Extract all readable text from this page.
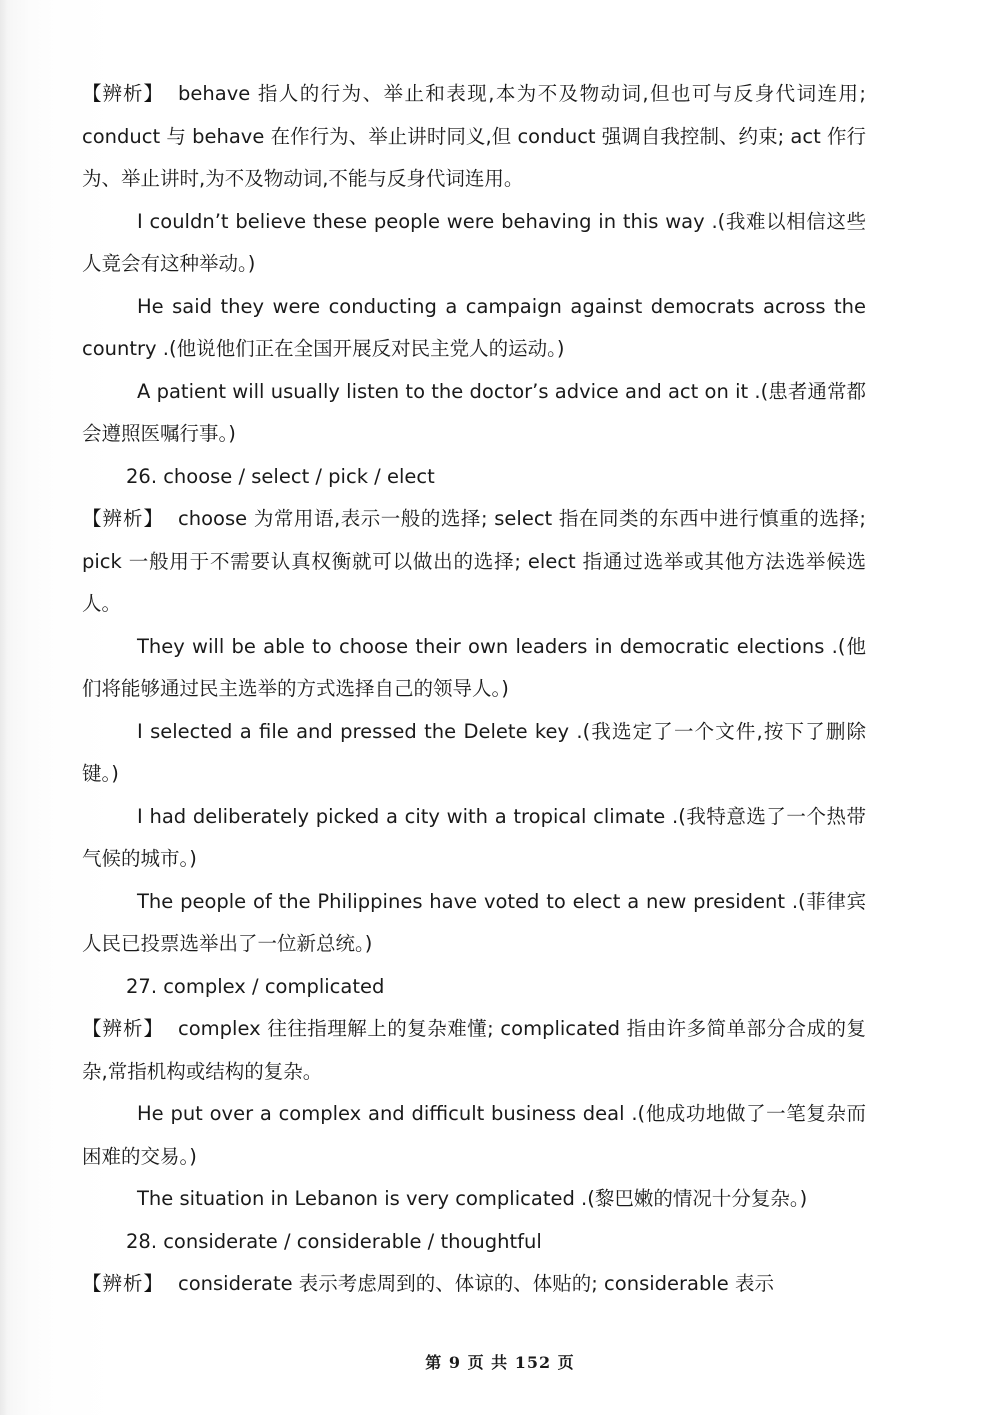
【辨析】 behave 指人的行为、举止和表现,本为不及物动词,但也可与反身代词连用; conduct 与 behave 在作行为、举止讲时同义,但 conduct 强调自我控制、约束; act 作行为、举止讲时,为不及物动词,不能与反身代词连用。

I couldn’t believe these people were behaving in this way .(我难以相信这些人竟会有这种举动。)

He said they were conducting a campaign against democrats across the country .(他说他们正在全国开展反对民主党人的运动。)

A patient will usually listen to the doctor’s advice and act on it .(患者通常都会遵照医嘱行事。)

26. choose / select / pick / elect

【辨析】 choose 为常用语,表示一般的选择; select 指在同类的东西中进行慎重的选择; pick 一般用于不需要认真权衡就可以做出的选择; elect 指通过选举或其他方法选举候选人。

They will be able to choose their own leaders in democratic elections .(他们将能够通过民主选举的方式选择自己的领导人。)

I selected a file and pressed the Delete key .(我选定了一个文件,按下了删除键。)

I had deliberately picked a city with a tropical climate .(我特意选了一个热带气候的城市。)

The people of the Philippines have voted to elect a new president .(菲律宾人民已投票选举出了一位新总统。)

27. complex / complicated

【辨析】 complex 往往指理解上的复杂难懂; complicated 指由许多简单部分合成的复杂,常指机构或结构的复杂。

He put over a complex and difficult business deal .(他成功地做了一笔复杂而困难的交易。)

The situation in Lebanon is very complicated .(黎巴嫩的情况十分复杂。)

28. considerate / considerable / thoughtful

【辨析】 considerate 表示考虑周到的、体谅的、体贴的; considerable 表示

第 9 页 共 152 页
